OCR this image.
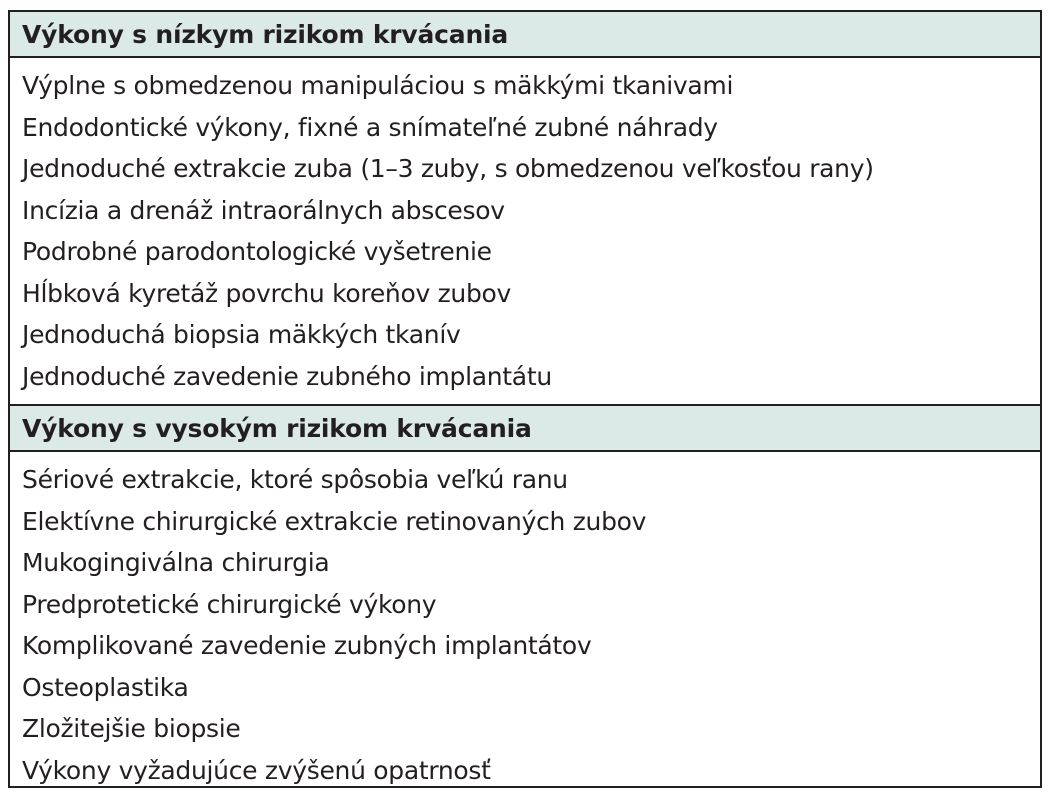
Výkony s nízkym rizikom krvácania
Výplne s obmedzenou manipuláciou s mäkkými tkanivami
Endodontické výkony, fixné a snímateľné zubné náhrady
Jednoduché extrakcie zuba (1–3 zuby, s obmedzenou veľkosťou rany)
Incízia a drenáž intraorálnych abscesov
Podrobné parodontologické vyšetrenie
Hĺbková kyretáž povrchu koreňov zubov
Jednoduchá biopsia mäkkých tkanív
Jednoduché zavedenie zubného implantátu
Výkony s vysokým rizikom krvácania
Sériové extrakcie, ktoré spôsobia veľkú ranu
Elektívne chirurgické extrakcie retinovaných zubov
Mukogingiválna chirurgia
Predprotetické chirurgické výkony
Komplikované zavedenie zubných implantátov
Osteoplastika
Zložitejšie biopsie
Výkony vyžadujúce zvýšenú opatrnosť
